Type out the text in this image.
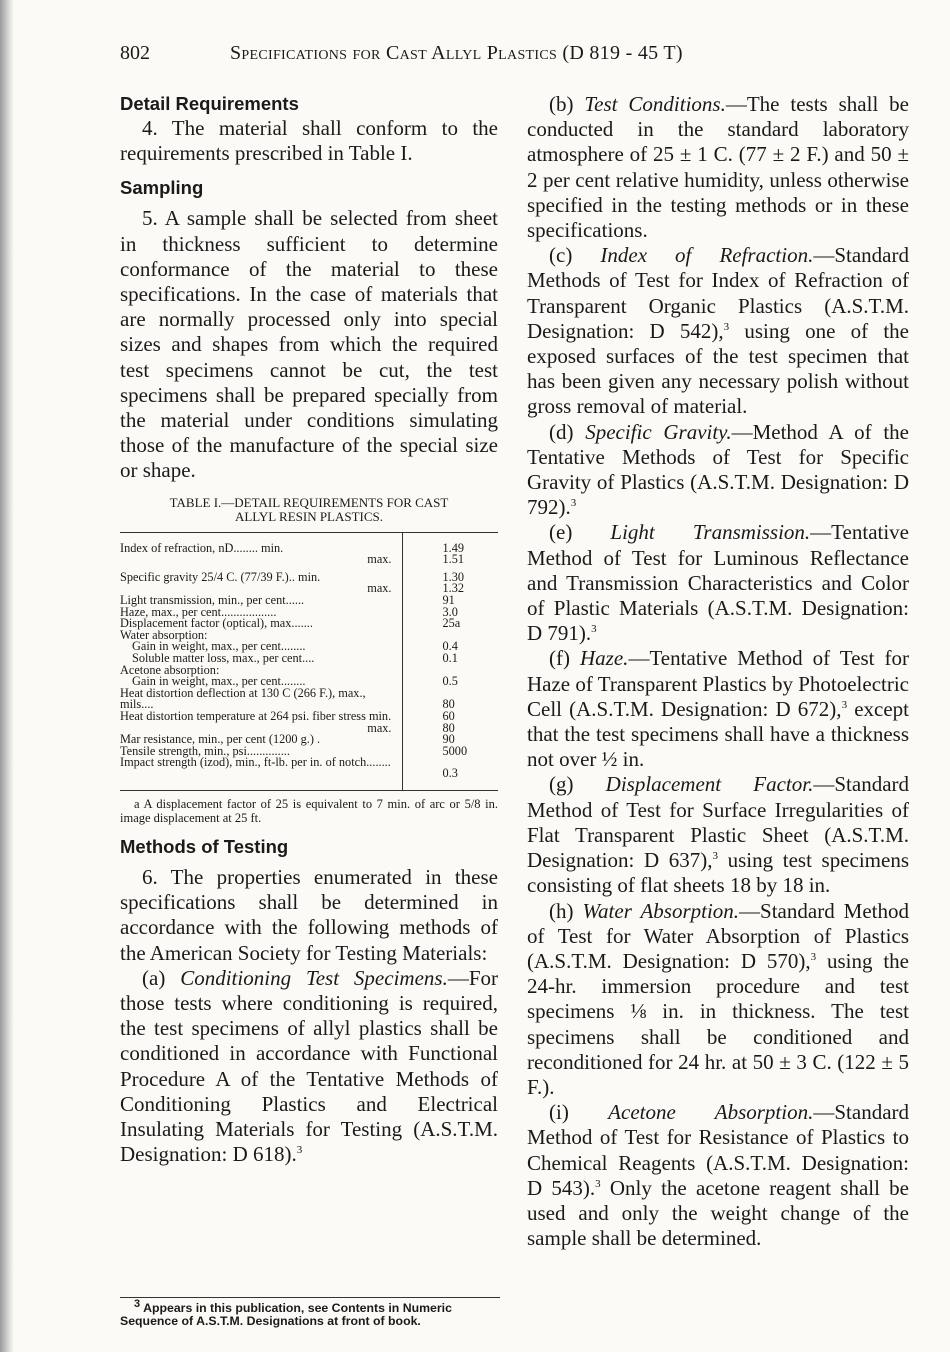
802	Specifications for Cast Allyl Plastics (D 819 - 45 T)
Detail Requirements

4. The material shall conform to the requirements prescribed in Table I.

Sampling

5. A sample shall be selected from sheet in thickness sufficient to determine conformance of the material to these specifications. In the case of materials that are normally processed only into special sizes and shapes from which the required test specimens cannot be cut, the test specimens shall be prepared specially from the material under conditions simulating those of the manufacture of the special size or shape.

TABLE I.—DETAIL REQUIREMENTS FOR CAST
ALLYL RESIN PLASTICS.
Index of refraction, nD........ min.	1.49
max.	1.51
Specific gravity 25/4 C. (77/39 F.).. min.	1.30
max.	1.32
Light transmission, min., per cent......	91
Haze, max., per cent..................	3.0
Displacement factor (optical), max.......	25a
Water absorption:	
Gain in weight, max., per cent........	0.4
Soluble matter loss, max., per cent....	0.1
Acetone absorption:	
Gain in weight, max., per cent........	0.5
Heat distortion deflection at 130 C (266 F.), max., mils....	80
Heat distortion temperature at 264 psi. fiber stress min.	60
max.	80
Mar resistance, min., per cent (1200 g.) .	90
Tensile strength, min., psi..............	5000
Impact strength (izod), min., ft-lb. per in. of notch........	0.3

a A displacement factor of 25 is equivalent to 7 min. of arc or 5/8 in. image displacement at 25 ft.

Methods of Testing

6. The properties enumerated in these specifications shall be determined in accordance with the following methods of the American Society for Testing Materials:

(a) Conditioning Test Specimens.—For those tests where conditioning is required, the test specimens of allyl plastics shall be conditioned in accordance with Functional Procedure A of the Tentative Methods of Conditioning Plastics and Electrical Insulating Materials for Testing (A.S.T.M. Designation: D 618).$^3$

$^3$ Appears in this publication, see Contents in Numeric Sequence of A.S.T.M. Designations at front of book.

(b) Test Conditions.—The tests shall be conducted in the standard laboratory atmosphere of 25 ± 1 C. (77 ± 2 F.) and 50 ± 2 per cent relative humidity, unless otherwise specified in the testing methods or in these specifications.

(c) Index of Refraction.—Standard Methods of Test for Index of Refraction of Transparent Organic Plastics (A.S.T.M. Designation: D 542),$^3$ using one of the exposed surfaces of the test specimen that has been given any necessary polish without gross removal of material.

(d) Specific Gravity.—Method A of the Tentative Methods of Test for Specific Gravity of Plastics (A.S.T.M. Designation: D 792).$^3$

(e) Light Transmission.—Tentative Method of Test for Luminous Reflectance and Transmission Characteristics and Color of Plastic Materials (A.S.T.M. Designation: D 791).$^3$

(f) Haze.—Tentative Method of Test for Haze of Transparent Plastics by Photoelectric Cell (A.S.T.M. Designation: D 672),$^3$ except that the test specimens shall have a thickness not over ½ in.

(g) Displacement Factor.—Standard Method of Test for Surface Irregularities of Flat Transparent Plastic Sheet (A.S.T.M. Designation: D 637),$^3$ using test specimens consisting of flat sheets 18 by 18 in.

(h) Water Absorption.—Standard Method of Test for Water Absorption of Plastics (A.S.T.M. Designation: D 570),$^3$ using the 24-hr. immersion procedure and test specimens ⅛ in. in thickness. The test specimens shall be conditioned and reconditioned for 24 hr. at 50 ± 3 C. (122 ± 5 F.).

(i) Acetone Absorption.—Standard Method of Test for Resistance of Plastics to Chemical Reagents (A.S.T.M. Designation: D 543).$^3$ Only the acetone reagent shall be used and only the weight change of the sample shall be determined.
